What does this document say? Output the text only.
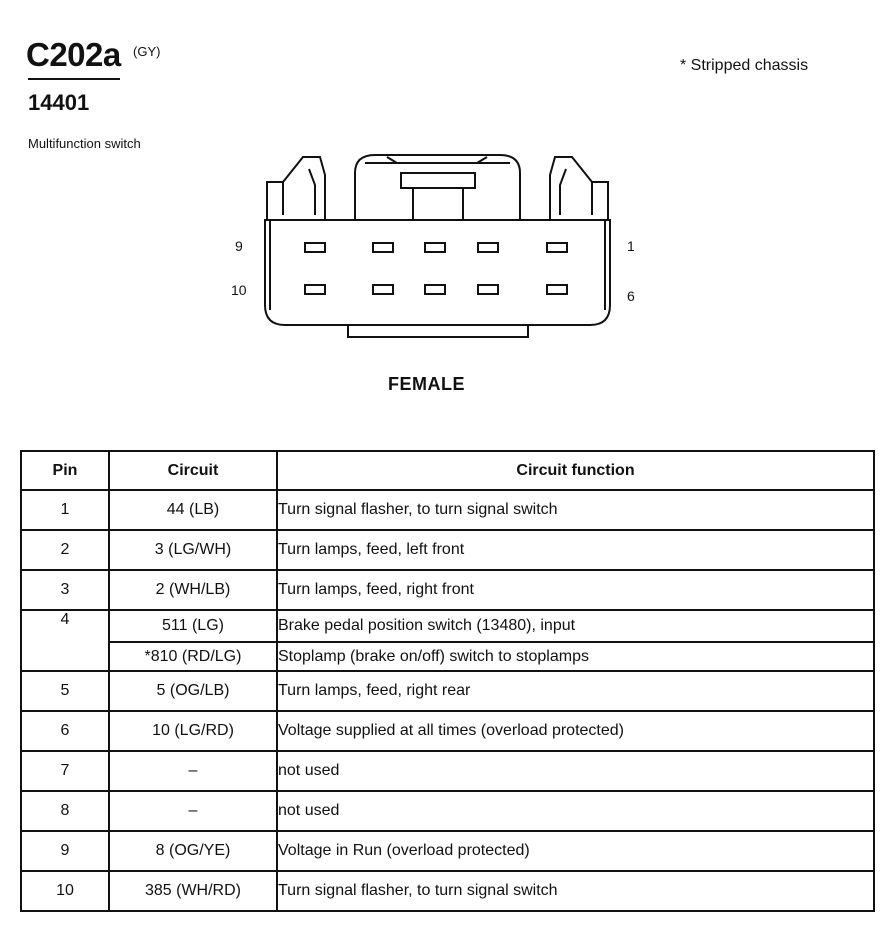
C202a (GY)
14401
Multifunction switch
* Stripped chassis
9
10
1
6
FEMALE
Pin	Circuit	Circuit function
1	44 (LB)	Turn signal flasher, to turn signal switch
2	3 (LG/WH)	Turn lamps, feed, left front
3	2 (WH/LB)	Turn lamps, feed, right front
4	511 (LG)	Brake pedal position switch (13480), input
	*810 (RD/LG)	Stoplamp (brake on/off) switch to stoplamps
5	5 (OG/LB)	Turn lamps, feed, right rear
6	10 (LG/RD)	Voltage supplied at all times (overload protected)
7	–	not used
8	–	not used
9	8 (OG/YE)	Voltage in Run (overload protected)
10	385 (WH/RD)	Turn signal flasher, to turn signal switch
